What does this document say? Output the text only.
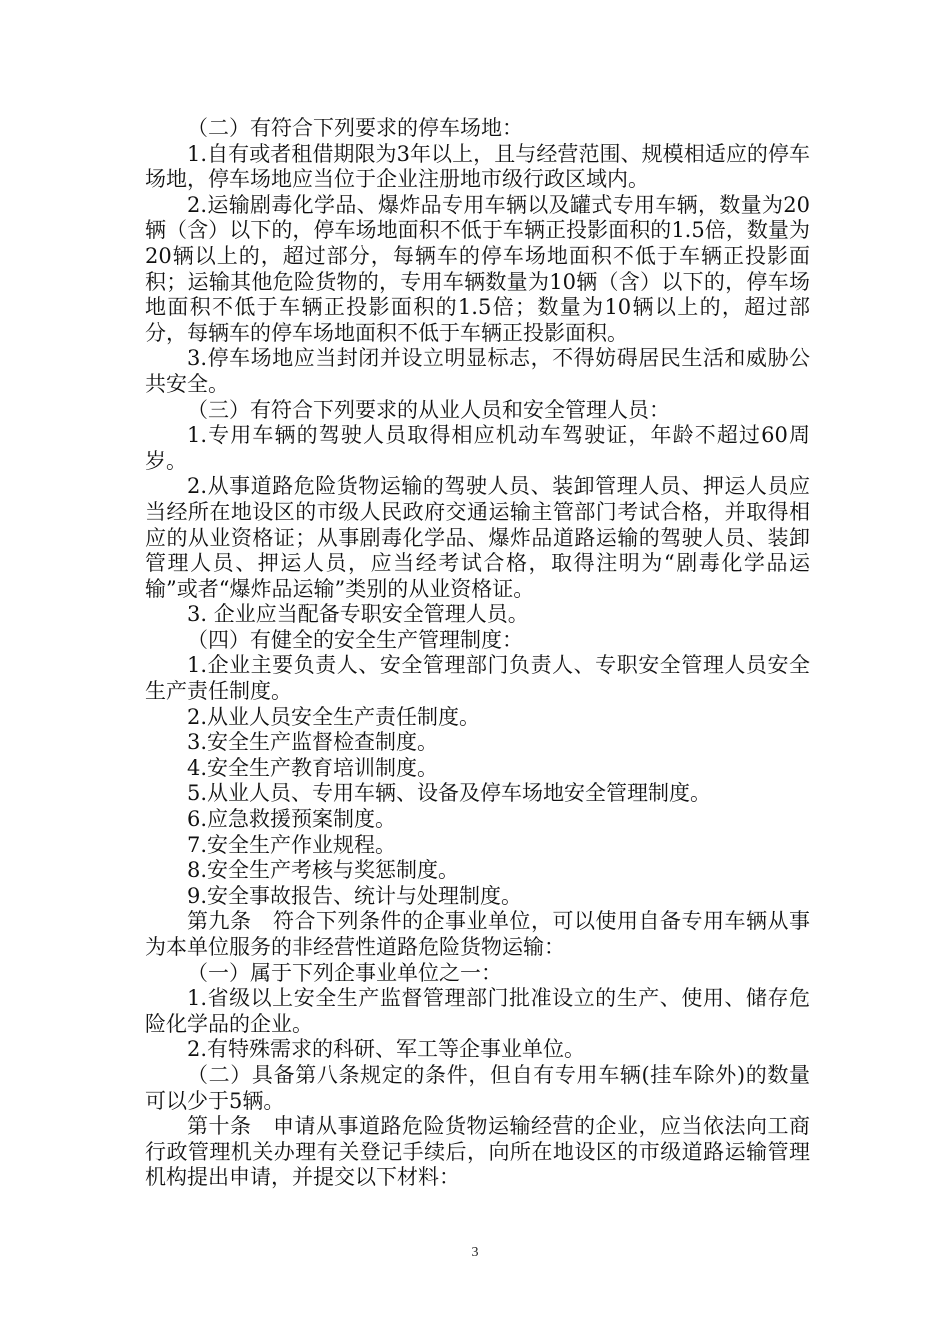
（二）有符合下列要求的停车场地：

1.自有或者租借期限为3年以上，且与经营范围、规模相适应的停车场地，停车场地应当位于企业注册地市级行政区域内。

2.运输剧毒化学品、爆炸品专用车辆以及罐式专用车辆，数量为20辆（含）以下的，停车场地面积不低于车辆正投影面积的1.5倍，数量为20辆以上的，超过部分，每辆车的停车场地面积不低于车辆正投影面积；运输其他危险货物的，专用车辆数量为10辆（含）以下的，停车场地面积不低于车辆正投影面积的1.5倍；数量为10辆以上的，超过部分，每辆车的停车场地面积不低于车辆正投影面积。

3.停车场地应当封闭并设立明显标志，不得妨碍居民生活和威胁公共安全。

（三）有符合下列要求的从业人员和安全管理人员：

1.专用车辆的驾驶人员取得相应机动车驾驶证，年龄不超过60周岁。

2.从事道路危险货物运输的驾驶人员、装卸管理人员、押运人员应当经所在地设区的市级人民政府交通运输主管部门考试合格，并取得相应的从业资格证；从事剧毒化学品、爆炸品道路运输的驾驶人员、装卸管理人员、押运人员，应当经考试合格，取得注明为“剧毒化学品运输”或者“爆炸品运输”类别的从业资格证。

3. 企业应当配备专职安全管理人员。

（四）有健全的安全生产管理制度：

1.企业主要负责人、安全管理部门负责人、专职安全管理人员安全生产责任制度。

2.从业人员安全生产责任制度。

3.安全生产监督检查制度。

4.安全生产教育培训制度。

5.从业人员、专用车辆、设备及停车场地安全管理制度。

6.应急救援预案制度。

7.安全生产作业规程。

8.安全生产考核与奖惩制度。

9.安全事故报告、统计与处理制度。

第九条　符合下列条件的企事业单位，可以使用自备专用车辆从事为本单位服务的非经营性道路危险货物运输：

（一）属于下列企事业单位之一：

1.省级以上安全生产监督管理部门批准设立的生产、使用、储存危险化学品的企业。

2.有特殊需求的科研、军工等企事业单位。

（二）具备第八条规定的条件，但自有专用车辆(挂车除外)的数量可以少于5辆。

第十条　申请从事道路危险货物运输经营的企业，应当依法向工商行政管理机关办理有关登记手续后，向所在地设区的市级道路运输管理机构提出申请，并提交以下材料：

3
